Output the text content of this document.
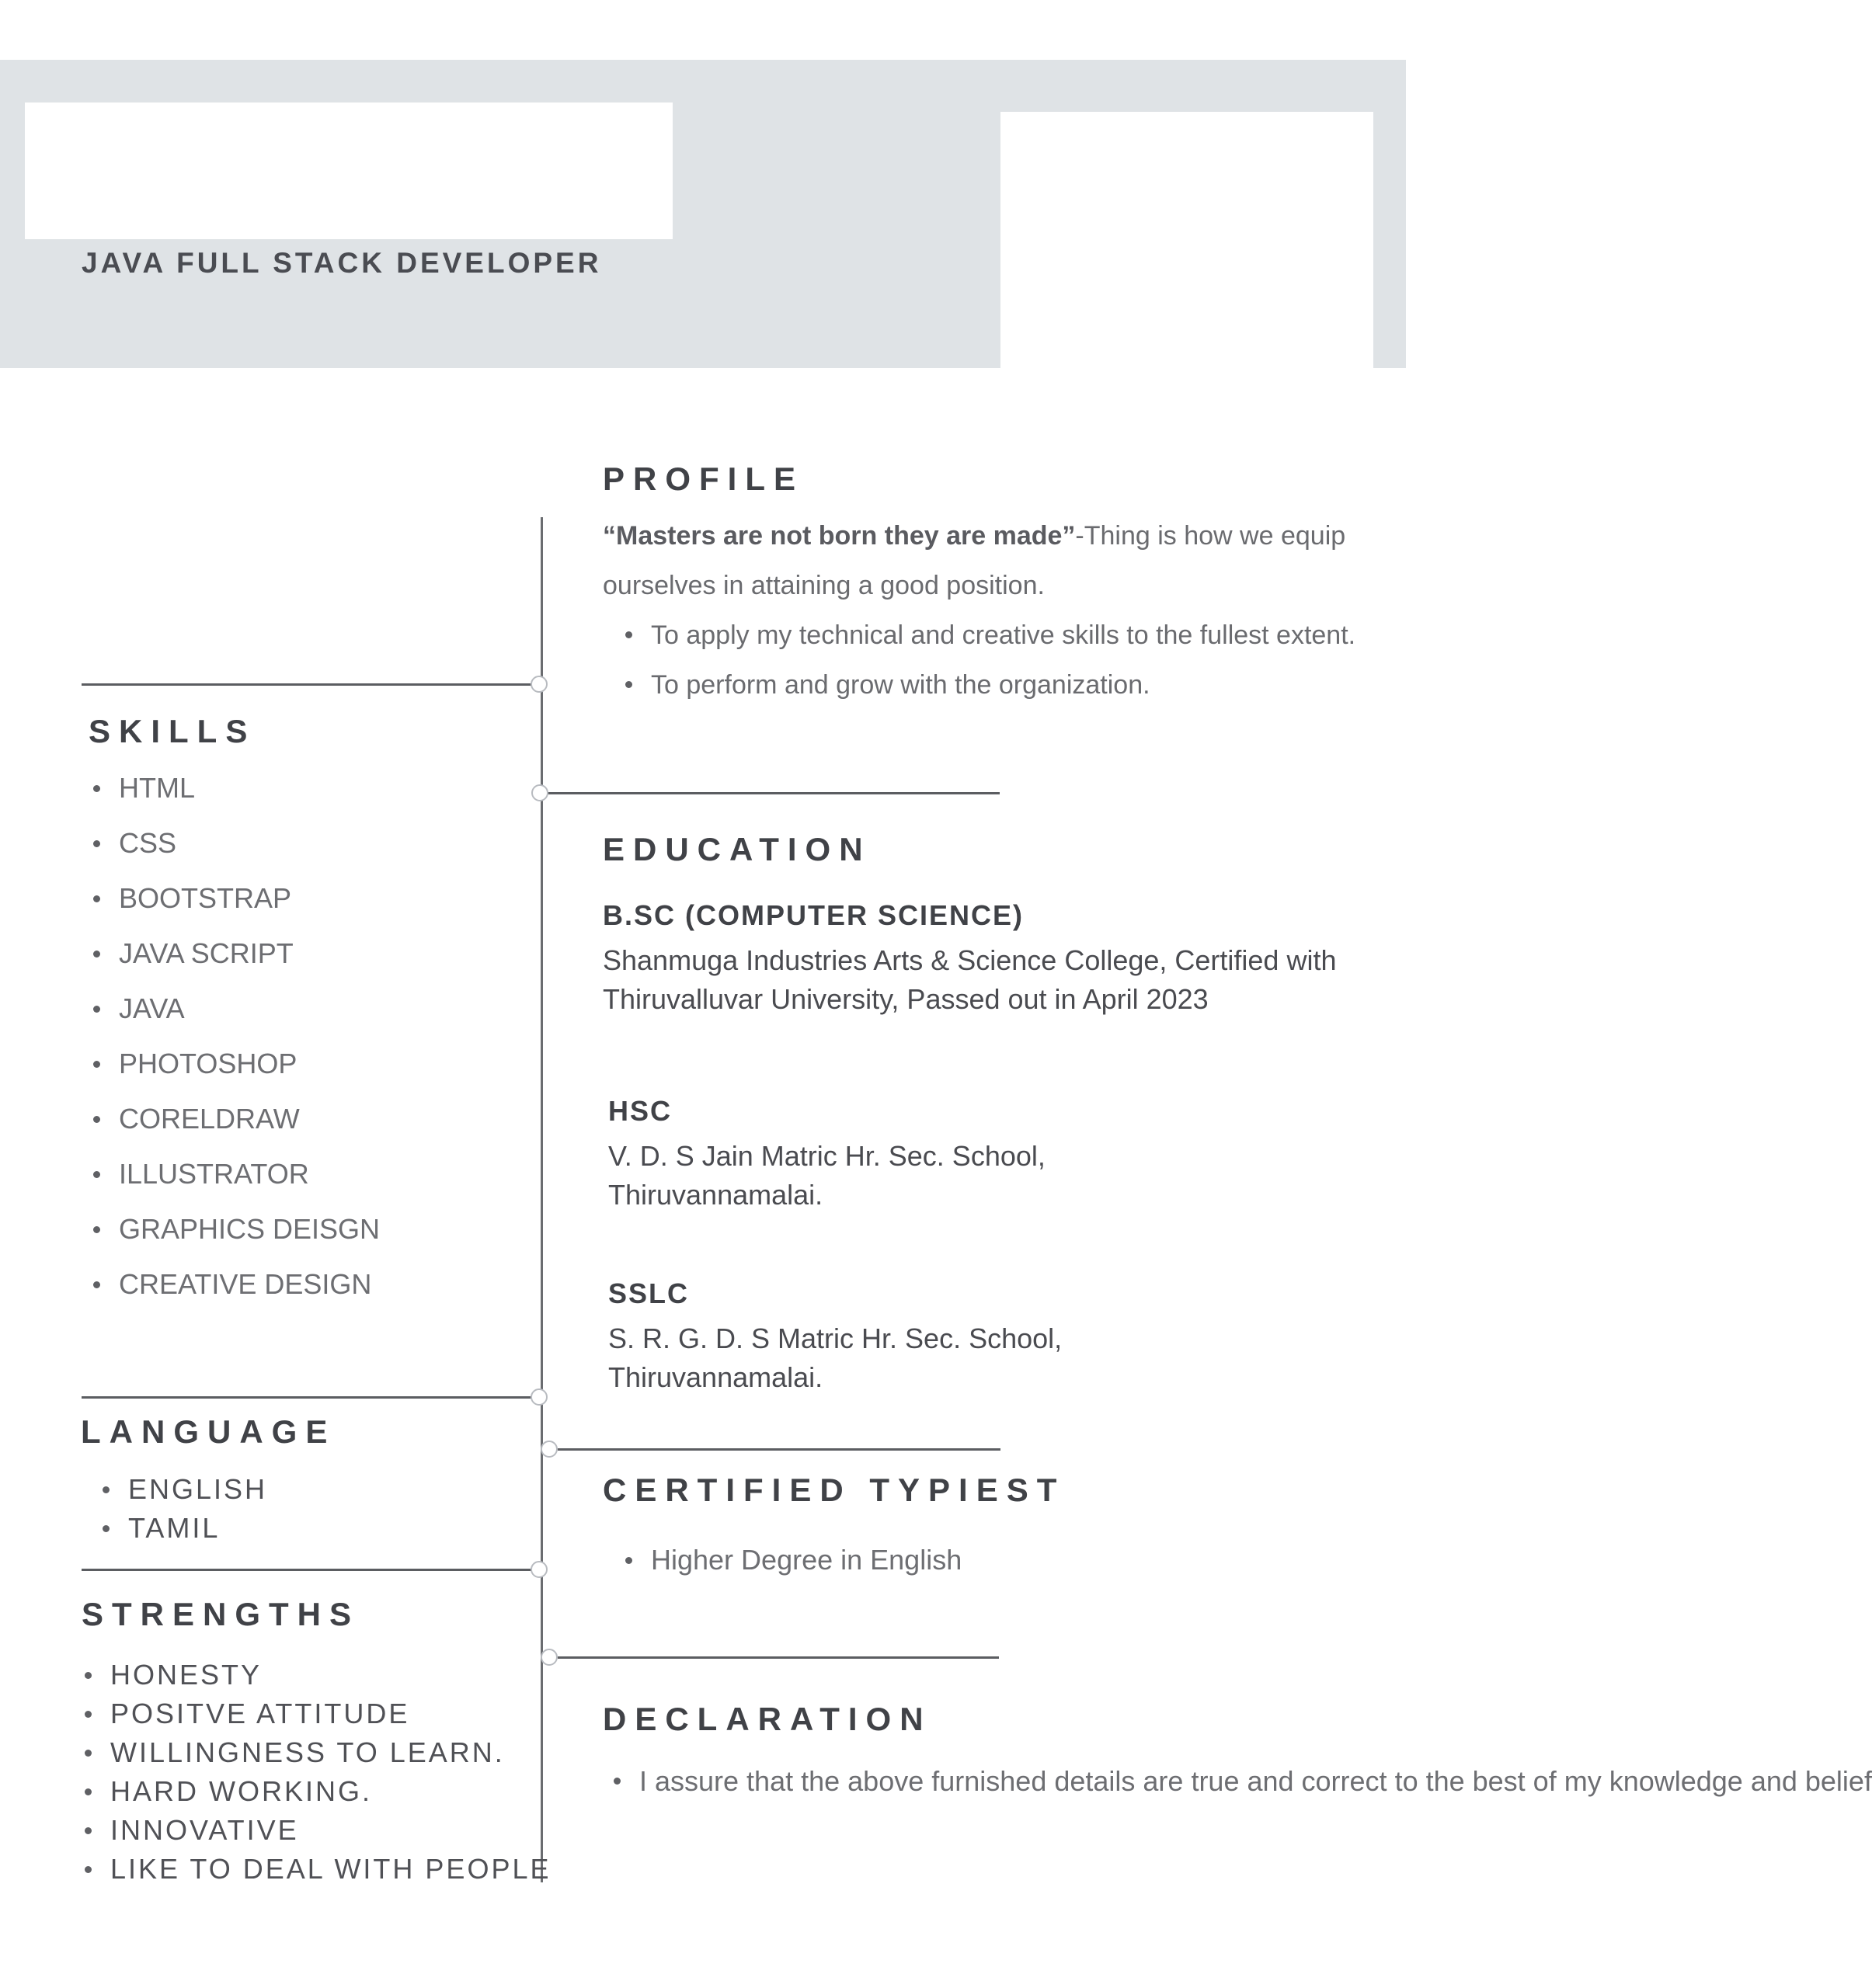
JAVA FULL STACK DEVELOPER
PROFILE
“Masters are not born they are made”-Thing is how we equip ourselves in attaining a good position.
To apply my technical and creative skills to the fullest extent.
To perform and grow with the organization.
SKILLS
HTML
CSS
BOOTSTRAP
JAVA SCRIPT
JAVA
PHOTOSHOP
CORELDRAW
ILLUSTRATOR
GRAPHICS DEISGN
CREATIVE DESIGN
EDUCATION
B.SC (COMPUTER SCIENCE)
Shanmuga Industries Arts & Science College, Certified with Thiruvalluvar University, Passed out in April 2023
HSC
V. D. S Jain Matric Hr. Sec. School, Thiruvannamalai.
SSLC
S. R. G. D. S Matric Hr. Sec. School, Thiruvannamalai.
LANGUAGE
ENGLISH
TAMIL
CERTIFIED TYPIEST
Higher Degree in English
STRENGTHS
HONESTY
POSITVE ATTITUDE
WILLINGNESS TO LEARN.
HARD WORKING.
INNOVATIVE
LIKE TO DEAL WITH PEOPLE
DECLARATION
I assure that the above furnished details are true and correct to the best of my knowledge and belief
